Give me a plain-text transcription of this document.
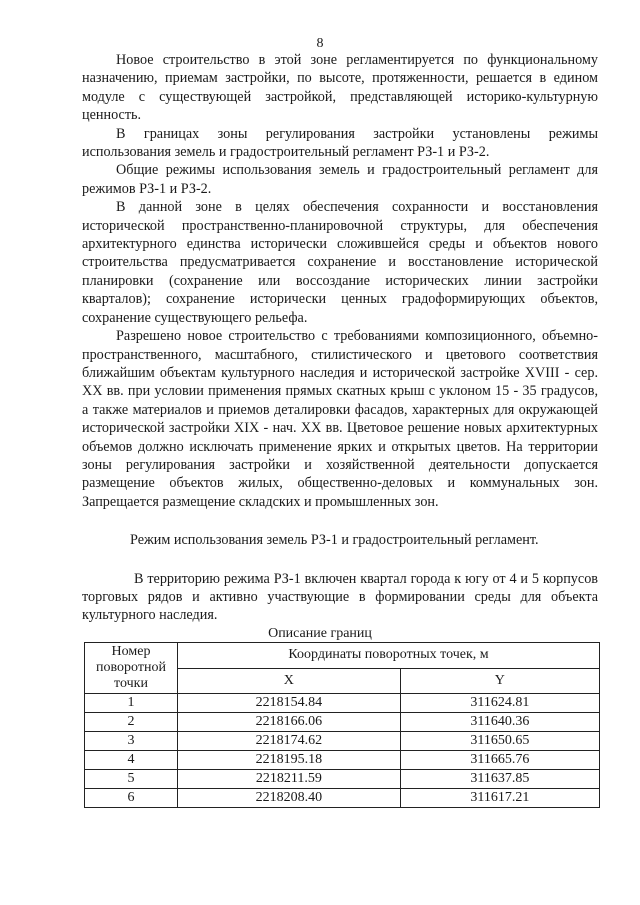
8

Новое строительство в этой зоне регламентируется по функциональному назначению, приемам застройки, по высоте, протяженности, решается в едином модуле с существующей застройкой, представляющей историко-культурную ценность.

В границах зоны регулирования застройки установлены режимы использования земель и градостроительный регламент РЗ-1 и РЗ-2.

Общие режимы использования земель и градостроительный регламент для режимов РЗ-1 и РЗ-2.

В данной зоне в целях обеспечения сохранности и восстановления исторической пространственно-планировочной структуры, для обеспечения архитектурного единства исторически сложившейся среды и объектов нового строительства предусматривается сохранение и восстановление исторической планировки (сохранение или воссоздание исторических линии застройки кварталов); сохранение исторически ценных градоформирующих объектов, сохранение существующего рельефа.

Разрешено новое строительство с требованиями композиционного, объемно-пространственного, масштабного, стилистического и цветового соответствия ближайшим объектам культурного наследия и исторической застройке XVIII - сер. XX вв. при условии применения прямых скатных крыш с уклоном 15 - 35 градусов, а также материалов и приемов деталировки фасадов, характерных для окружающей исторической застройки XIX - нач. XX вв. Цветовое решение новых архитектурных объемов должно исключать применение ярких и открытых цветов. На территории зоны регулирования застройки и хозяйственной деятельности допускается размещение объектов жилых, общественно-деловых и коммунальных зон. Запрещается размещение складских и промышленных зон.

Режим использования земель РЗ-1 и градостроительный регламент.

В территорию режима РЗ-1 включен квартал города к югу от 4 и 5 корпусов торговых рядов и активно участвующие в формировании среды для объекта культурного наследия.

Описание границ
Номер поворотной точки	Координаты поворотных точек, м	
	X	Y
1	2218154.84	311624.81
2	2218166.06	311640.36
3	2218174.62	311650.65
4	2218195.18	311665.76
5	2218211.59	311637.85
6	2218208.40	311617.21
